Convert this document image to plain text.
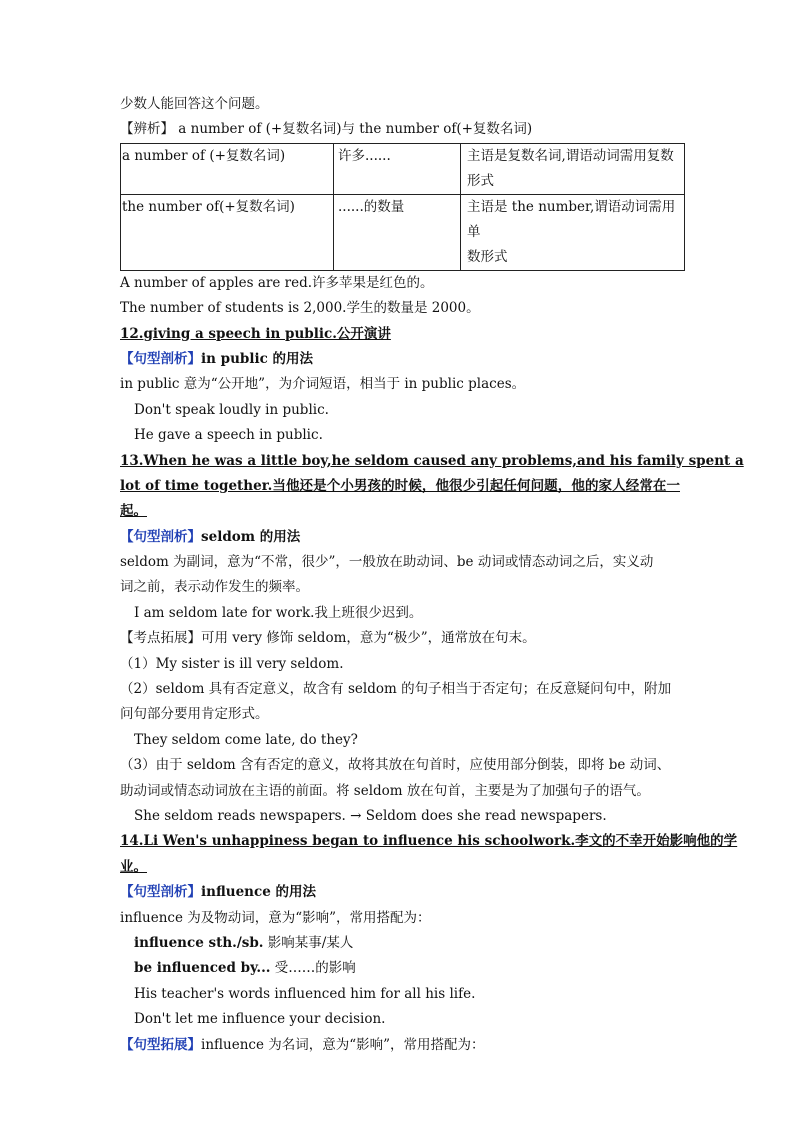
少数人能回答这个问题。
【辨析】 a number of (+复数名词)与 the number of(+复数名词)
a number of (+复数名词)	许多......	主语是复数名词,谓语动词需用复数
形式

the number of(+复数名词)	......的数量	主语是 the number,谓语动词需用单
数形式
A number of apples are red.许多苹果是红色的。
The number of students is 2,000.学生的数量是 2000。
12.giving a speech in public.公开演讲
【句型剖析】in public 的用法
in public 意为“公开地”，为介词短语，相当于 in public places。
Don't speak loudly in public.
He gave a speech in public.
13.When he was a little boy,he seldom caused any problems,and his family spent a
lot of time together.当他还是个小男孩的时候，他很少引起任何问题，他的家人经常在一
起。
【句型剖析】seldom 的用法
seldom 为副词，意为“不常，很少”，一般放在助动词、be 动词或情态动词之后，实义动
词之前，表示动作发生的频率。
I am seldom late for work.我上班很少迟到。
【考点拓展】可用 very 修饰 seldom，意为“极少”，通常放在句末。
（1）My sister is ill very seldom.
（2）seldom 具有否定意义，故含有 seldom 的句子相当于否定句；在反意疑问句中，附加
问句部分要用肯定形式。
They seldom come late, do they?
（3）由于 seldom 含有否定的意义，故将其放在句首时，应使用部分倒装，即将 be 动词、
助动词或情态动词放在主语的前面。将 seldom 放在句首，主要是为了加强句子的语气。
She seldom reads newspapers. → Seldom does she read newspapers.
14.Li Wen's unhappiness began to influence his schoolwork.李文的不幸开始影响他的学
业。
【句型剖析】influence 的用法
influence 为及物动词，意为“影响”，常用搭配为：
influence sth./sb. 影响某事/某人
be influenced by... 受……的影响
His teacher's words influenced him for all his life.
Don't let me influence your decision.
【句型拓展】influence 为名词，意为“影响”，常用搭配为：
